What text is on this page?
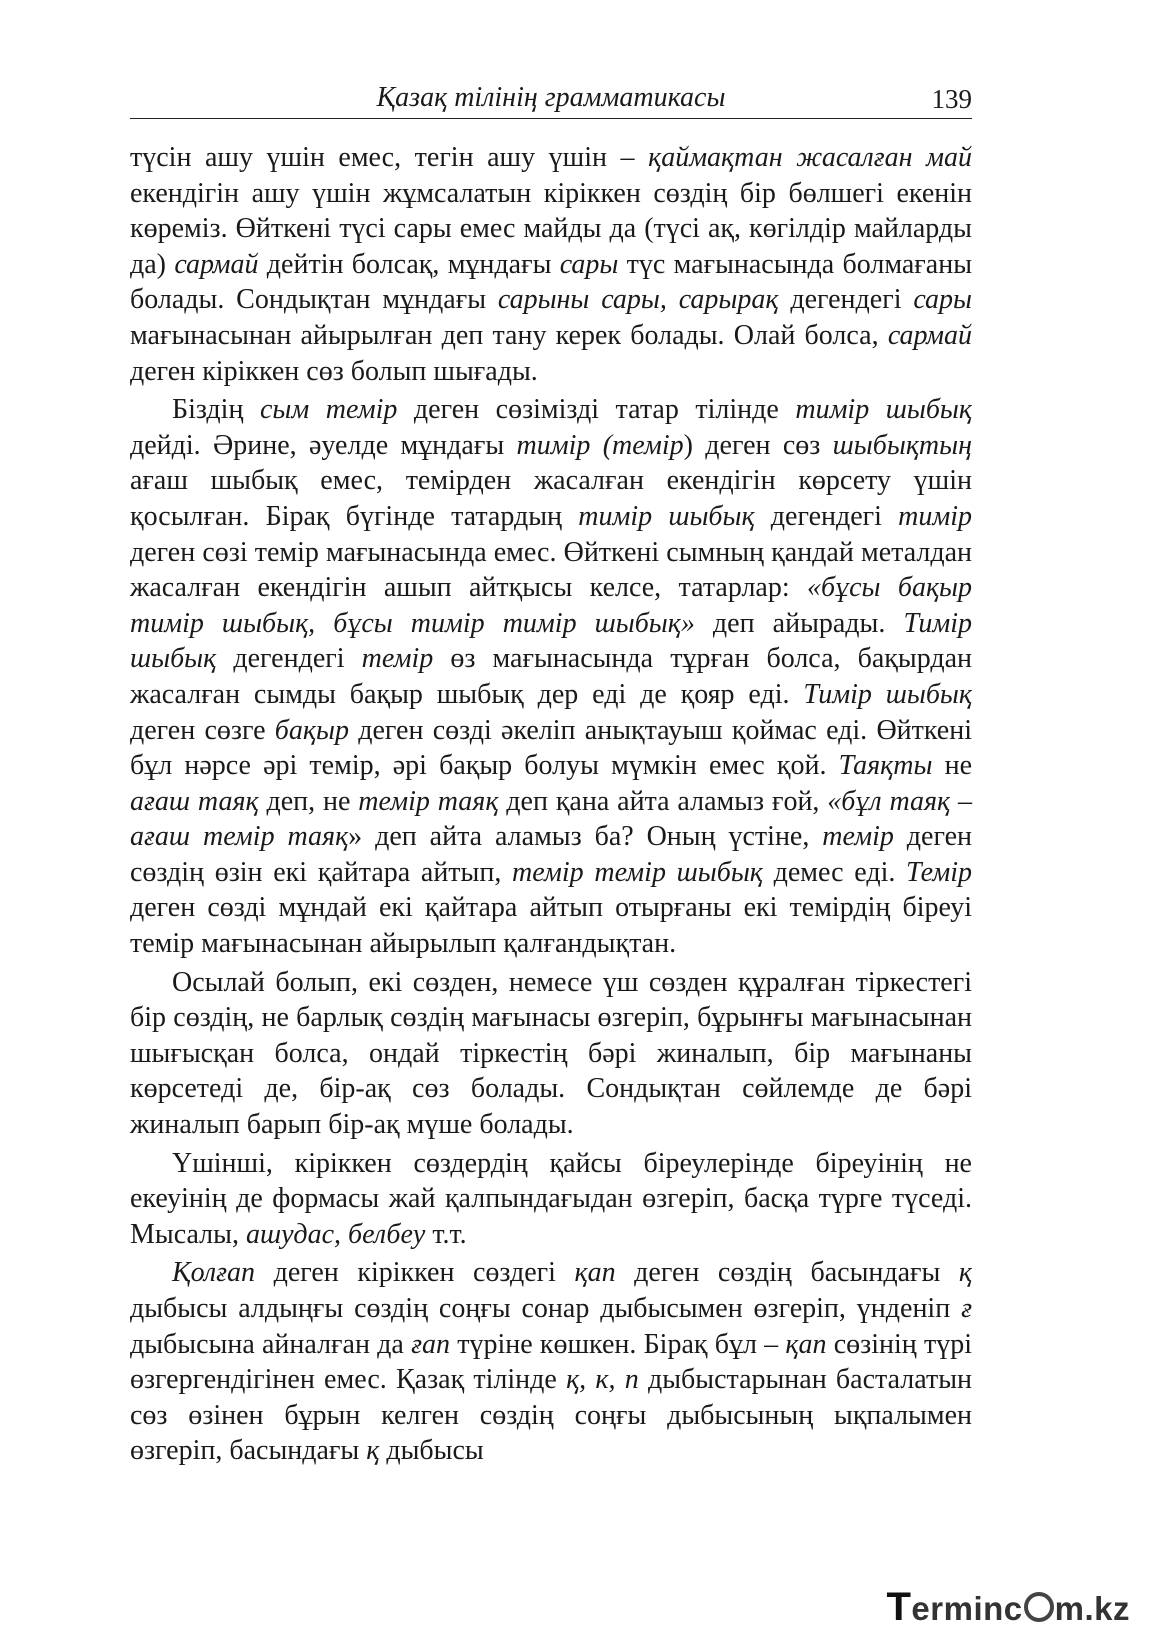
Қазақ тілінің грамматикасы	139

түсін ашу үшін емес, тегін ашу үшін – қаймақтан жасалған май екендігін ашу үшін жұмсалатын кіріккен сөздің бір бөлшегі екенін көреміз. Өйткені түсі сары емес майды да (түсі ақ, көгілдір майларды да) сармай дейтін болсақ, мұндағы сары түс мағынасында болмағаны болады. Сондықтан мұндағы сарыны сары, сарырақ дегендегі сары мағынасынан айырылған деп тану керек болады. Олай болса, сармай деген кіріккен сөз болып шығады.

Біздің сым темір деген сөзімізді татар тілінде тимір шыбық дейді. Әрине, әуелде мұндағы тимір (темір) деген сөз шыбықтың ағаш шыбық емес, темірден жасалған екендігін көрсету үшін қосылған. Бірақ бүгінде татардың тимір шыбық дегендегі тимір деген сөзі темір мағынасында емес. Өйткені сымның қандай металдан жасалған екендігін ашып айтқысы келсе, татарлар: «бұсы бақыр тимір шыбық, бұсы тимір тимір шыбық» деп айырады. Тимір шыбық дегендегі темір өз мағынасында тұрған болса, бақырдан жасалған сымды бақыр шыбық дер еді де қояр еді. Тимір шыбық деген сөзге бақыр деген сөзді әкеліп анықтауыш қоймас еді. Өйткені бұл нәрсе әрі темір, әрі бақыр болуы мүмкін емес қой. Таяқты не ағаш таяқ деп, не темір таяқ деп қана айта аламыз ғой, «бұл таяқ – ағаш темір таяқ» деп айта аламыз ба? Оның үстіне, темір деген сөздің өзін екі қайтара айтып, темір темір шыбық демес еді. Темір деген сөзді мұндай екі қайтара айтып отырғаны екі темірдің біреуі темір мағынасынан айырылып қалғандықтан.

Осылай болып, екі сөзден, немесе үш сөзден құралған тіркестегі бір сөздің, не барлық сөздің мағынасы өзгеріп, бұрынғы мағынасынан шығысқан болса, ондай тіркестің бәрі жиналып, бір мағынаны көрсетеді де, бір-ақ сөз болады. Сондықтан сөйлемде де бәрі жиналып барып бір-ақ мүше болады.

Үшінші, кіріккен сөздердің қайсы біреулерінде біреуінің не екеуінің де формасы жай қалпындағыдан өзгеріп, басқа түрге түседі. Мысалы, ашудас, белбеу т.т.

Қолғап деген кіріккен сөздегі қап деген сөздің басындағы қ дыбысы алдыңғы сөздің соңғы сонар дыбысымен өзгеріп, үнденіп ғ дыбысына айналған да ғап түріне көшкен. Бірақ бұл – қап сөзінің түрі өзгергендігінен емес. Қазақ тілінде қ, к, п дыбыстарынан басталатын сөз өзінен бұрын келген сөздің соңғы дыбысының ықпалымен өзгеріп, басындағы қ дыбысы

Terminc m.kz
